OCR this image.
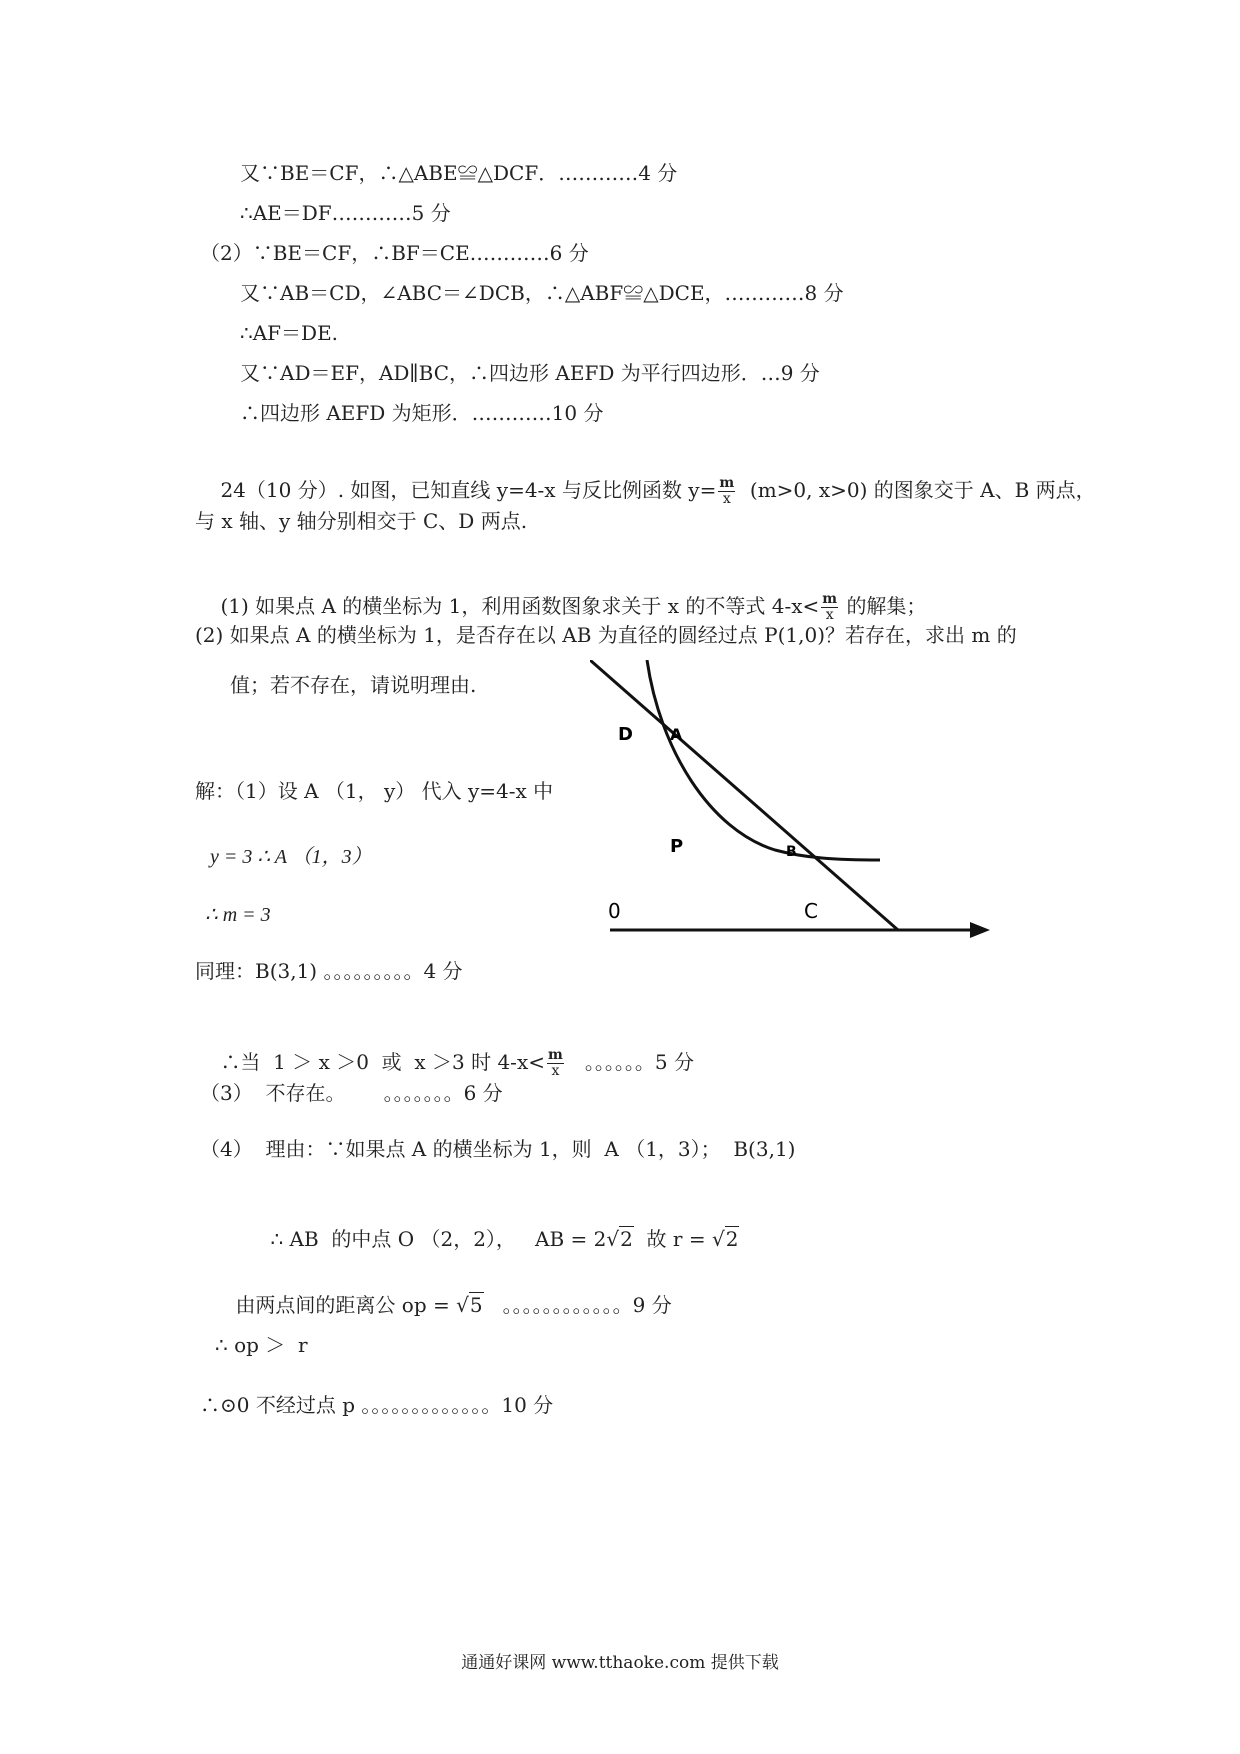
又∵BE＝CF，∴△ABE≌△DCF．…………4 分
∴AE＝DF…………5 分
（2）∵BE＝CF，∴BF＝CE…………6 分
又∵AB＝CD，∠ABC＝∠DCB，∴△ABF≌△DCE，…………8 分
∴AF＝DE.
又∵AD＝EF，AD∥BC，∴四边形 AEFD 为平行四边形．…9 分
∴四边形 AEFD 为矩形．…………10 分

24（10 分）. 如图，已知直线 y=4-x 与反比例函数 $y= \frac{m}{x} (m>0$, x>0) 的图象交于 A、B 两点，

与 x 轴、y 轴分别相交于 C、D 两点.

(1) 如果点 A 的横坐标为 1，利用函数图象求关于 x 的不等式 $4-x< \frac{m}{x}$ 的解集；

(2) 如果点 A 的横坐标为 1，是否存在以 AB 为直径的圆经过点 P(1,0)？若存在，求出 m 的
值；若不存在，请说明理由.
D A
P	B
0	C
解：（1）设 A （1， y） 代入 y=4-x 中
y = 3 ∴ A （1，3）
∴ m = 3
同理：B(3,1) 。。。。。。。。。4 分

∴当  1 ＞ x ＞0  或  x ＞3 时 $4-x< \frac{m}{x}$ 。。。。。。5 分

（3）  不存在。      。。。。。。。6 分
（4）  理由：∵如果点 A 的横坐标为 1，则  A （1，3）；  B(3,1)

∴ AB  的中点 O （2，2），   AB = 2√2  故 r = √2

由两点间的距离公 op = √5   。。。。。。。。。。。。9 分

∴ op ＞  r
∴⊙0 不经过点 p 。。。。。。。。。。。。。10 分
通通好课网 www.tthaoke.com 提供下载
